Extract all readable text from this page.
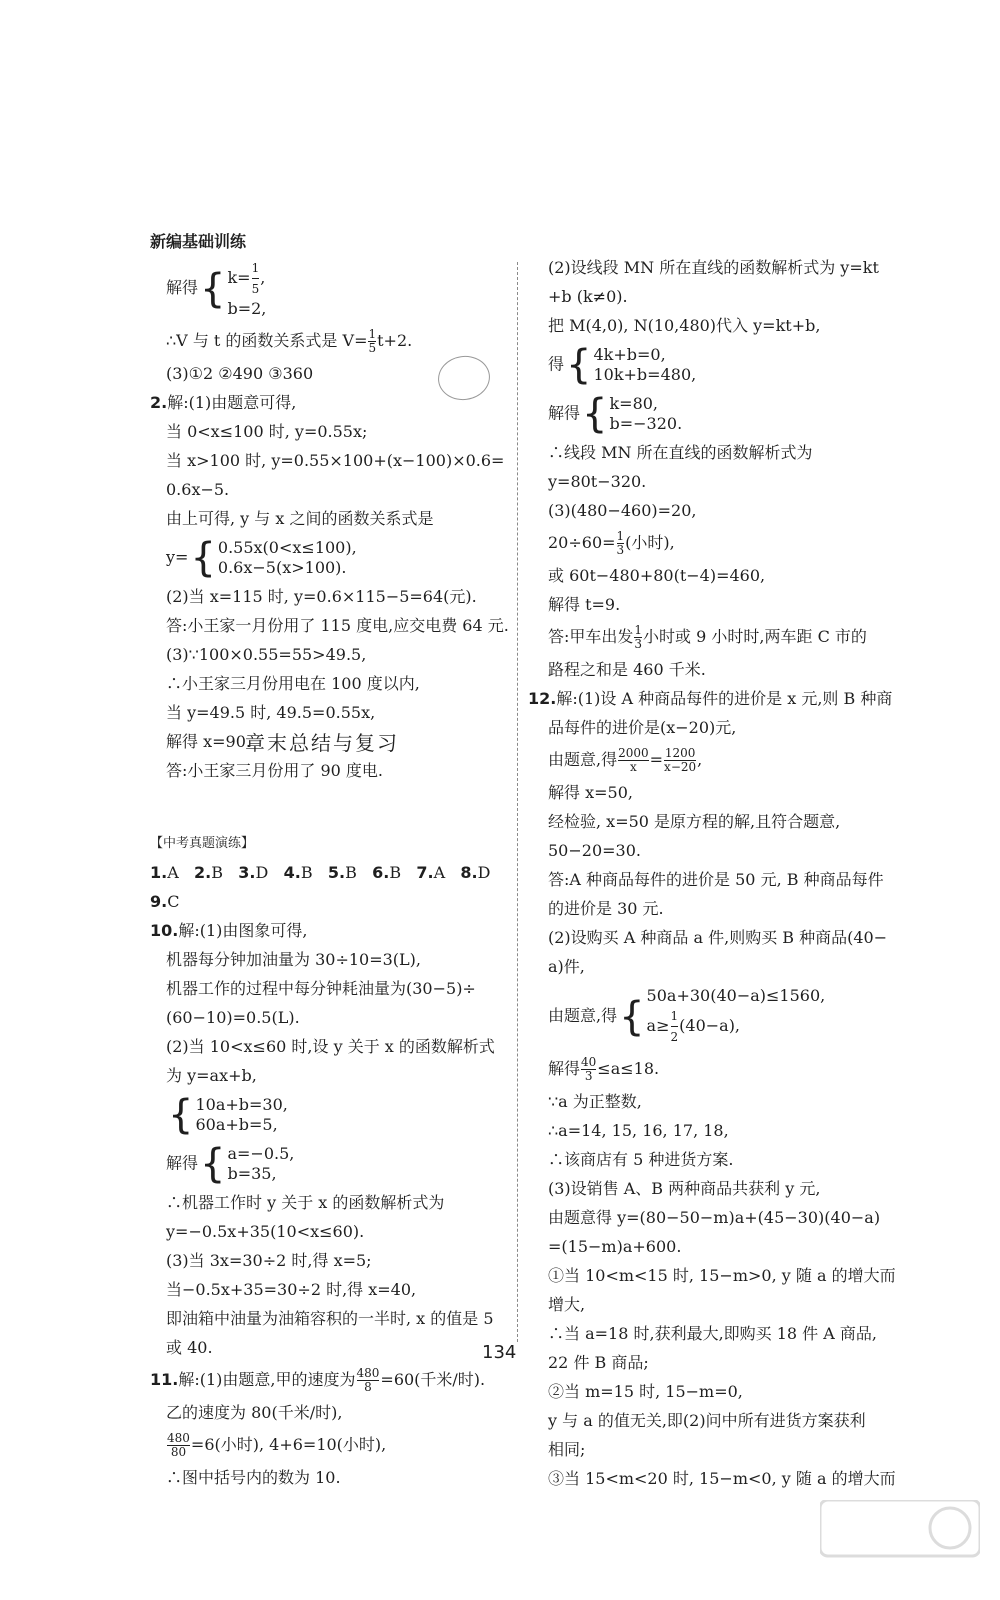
新编基础训练
解得 { $k= \frac{1}{5}$ ,
b=2,
∴V 与 t 的函数关系式是 $V= \frac{1}{5} t+2$.
(3)①2 ②490 ③360
2.解:(1)由题意可得,
当 0<x≤100 时, y=0.55x;
当 x>100 时, y=0.55×100+(x−100)×0.6=
0.6x−5.
由上可得, y 与 x 之间的函数关系式是
y= { 0.55x(0<x≤100),
0.6x−5(x>100).
(2)当 x=115 时, y=0.6×115−5=64(元).
答:小王家一月份用了 115 度电,应交电费 64 元.
(3)∵100×0.55=55>49.5,
∴小王家三月份用电在 100 度以内,
当 y=49.5 时, 49.5=0.55x,
解得 x=90.
答:小王家三月份用了 90 度电.
【中考真题演练】
1.A 2.B 3.D 4.B 5.B 6.B 7.A 8.D
9.C
10.解:(1)由图象可得,
机器每分钟加油量为 30÷10=3(L),
机器工作的过程中每分钟耗油量为(30−5)÷
(60−10)=0.5(L).
(2)当 10<x≤60 时,设 y 关于 x 的函数解析式
为 y=ax+b,
{ 10a+b=30,
60a+b=5,
解得 { a=−0.5,
b=35,
∴机器工作时 y 关于 x 的函数解析式为
y=−0.5x+35(10<x≤60).
(3)当 3x=30÷2 时,得 x=5;
当−0.5x+35=30÷2 时,得 x=40,
即油箱中油量为油箱容积的一半时, x 的值是 5
或 40.
11.解:(1)由题意,甲的速度为 $\frac{480}{8} =60$(千米/时).
乙的速度为 80(千米/时),
$\frac{480}{80} =6$(小时), 4+6=10(小时),
∴图中括号内的数为 10.
章末总结与复习
(2)设线段 MN 所在直线的函数解析式为 y=kt
+b (k≠0).
把 M(4,0), N(10,480)代入 y=kt+b,
得 { 4k+b=0,
10k+b=480,
解得 { k=80,
b=−320.
∴线段 MN 所在直线的函数解析式为
y=80t−320.
(3)(480−460)=20,
$20\div 60= \frac{1}{3}$ (小时),
或 60t−480+80(t−4)=460,
解得 t=9.
答:甲车出发 $\frac{1}{3}$ 小时或 9 小时时,两车距 C 市的
路程之和是 460 千米.
12.解:(1)设 A 种商品每件的进价是 x 元,则 B 种商
品每件的进价是(x−20)元,
由题意,得 $\frac{2000}{x} = \frac{1200}{x-20}$ ,
解得 x=50,
经检验, x=50 是原方程的解,且符合题意,
50−20=30.
答:A 种商品每件的进价是 50 元, B 种商品每件
的进价是 30 元.
(2)设购买 A 种商品 a 件,则购买 B 种商品(40−
a)件,
由题意,得 { 50a+30(40−a)≤1560,
$a\ge \frac{1}{2} (40-a)$,
解得 $\frac{40}{3} \le a\le 18$.
∵a 为正整数,
∴a=14, 15, 16, 17, 18,
∴该商店有 5 种进货方案.
(3)设销售 A、B 两种商品共获利 y 元,
由题意得 y=(80−50−m)a+(45−30)(40−a)
=(15−m)a+600.
①当 10<m<15 时, 15−m>0, y 随 a 的增大而
增大,
∴当 a=18 时,获利最大,即购买 18 件 A 商品,
22 件 B 商品;
②当 m=15 时, 15−m=0,
y 与 a 的值无关,即(2)问中所有进货方案获利
相同;
③当 15<m<20 时, 15−m<0, y 随 a 的增大而
134
